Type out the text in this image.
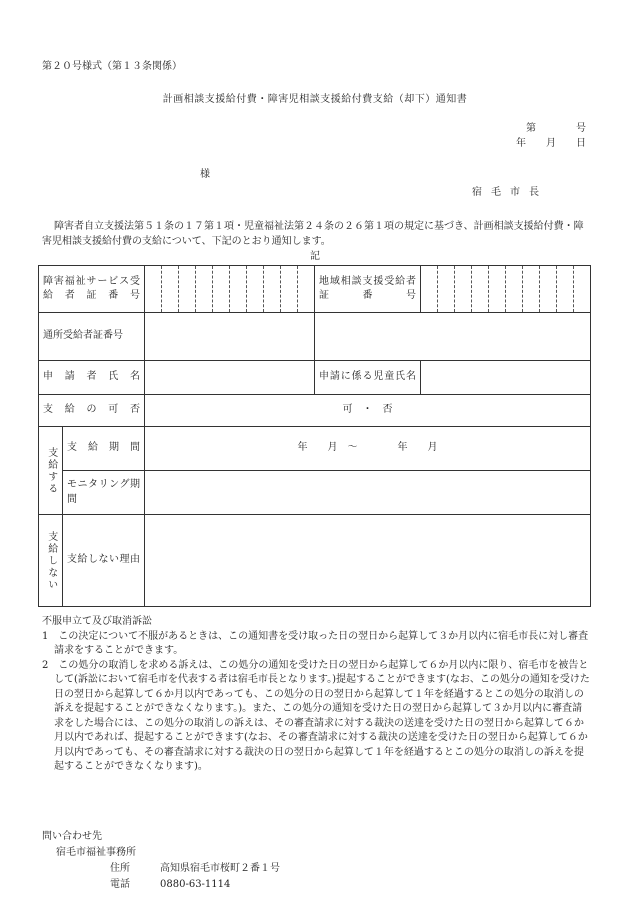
第２０号様式（第１３条関係）
計画相談支援給付費・障害児相談支援給付費支給（却下）通知書
第　　　　号
年　　月　　日
様
宿毛市長
障害者自立支援法第５１条の１７第１項・児童福祉法第２４条の２６第１項の規定に基づき、計画相談支援給付費・障害児相談支援給付費の支給について、下記のとおり通知します。
記
障害福祉サービス受給者証番号			地域相談支援受給者証番号	

通所受給者証番号				

申請者氏名			申請に係る児童氏名	

支給の可否		可　・　否		

支給する	支給期間	年　　月　～　　　　年　　月		

	モニタリング期間			

支給しない	支給しない理由			

不服申立て及び取消訴訟
1　この決定について不服があるときは、この通知書を受け取った日の翌日から起算して３か月以内に宿毛市長に対し審査請求をすることができます。
2　この処分の取消しを求める訴えは、この処分の通知を受けた日の翌日から起算して６か月以内に限り、宿毛市を被告として(訴訟において宿毛市を代表する者は宿毛市長となります。)提起することができます(なお、この処分の通知を受けた日の翌日から起算して６か月以内であっても、この処分の日の翌日から起算して１年を経過するとこの処分の取消しの訴えを提起することができなくなります。)。また、この処分の通知を受けた日の翌日から起算して３か月以内に審査請求をした場合には、この処分の取消しの訴えは、その審査請求に対する裁決の送達を受けた日の翌日から起算して６か月以内であれば、提起することができます(なお、その審査請求に対する裁決の送達を受けた日の翌日から起算して６か月以内であっても、その審査請求に対する裁決の日の翌日から起算して１年を経過するとこの処分の取消しの訴えを提起することができなくなります)。
問い合わせ先
宿毛市福祉事務所
住所	高知県宿毛市桜町２番１号
電話	0880-63-1114
